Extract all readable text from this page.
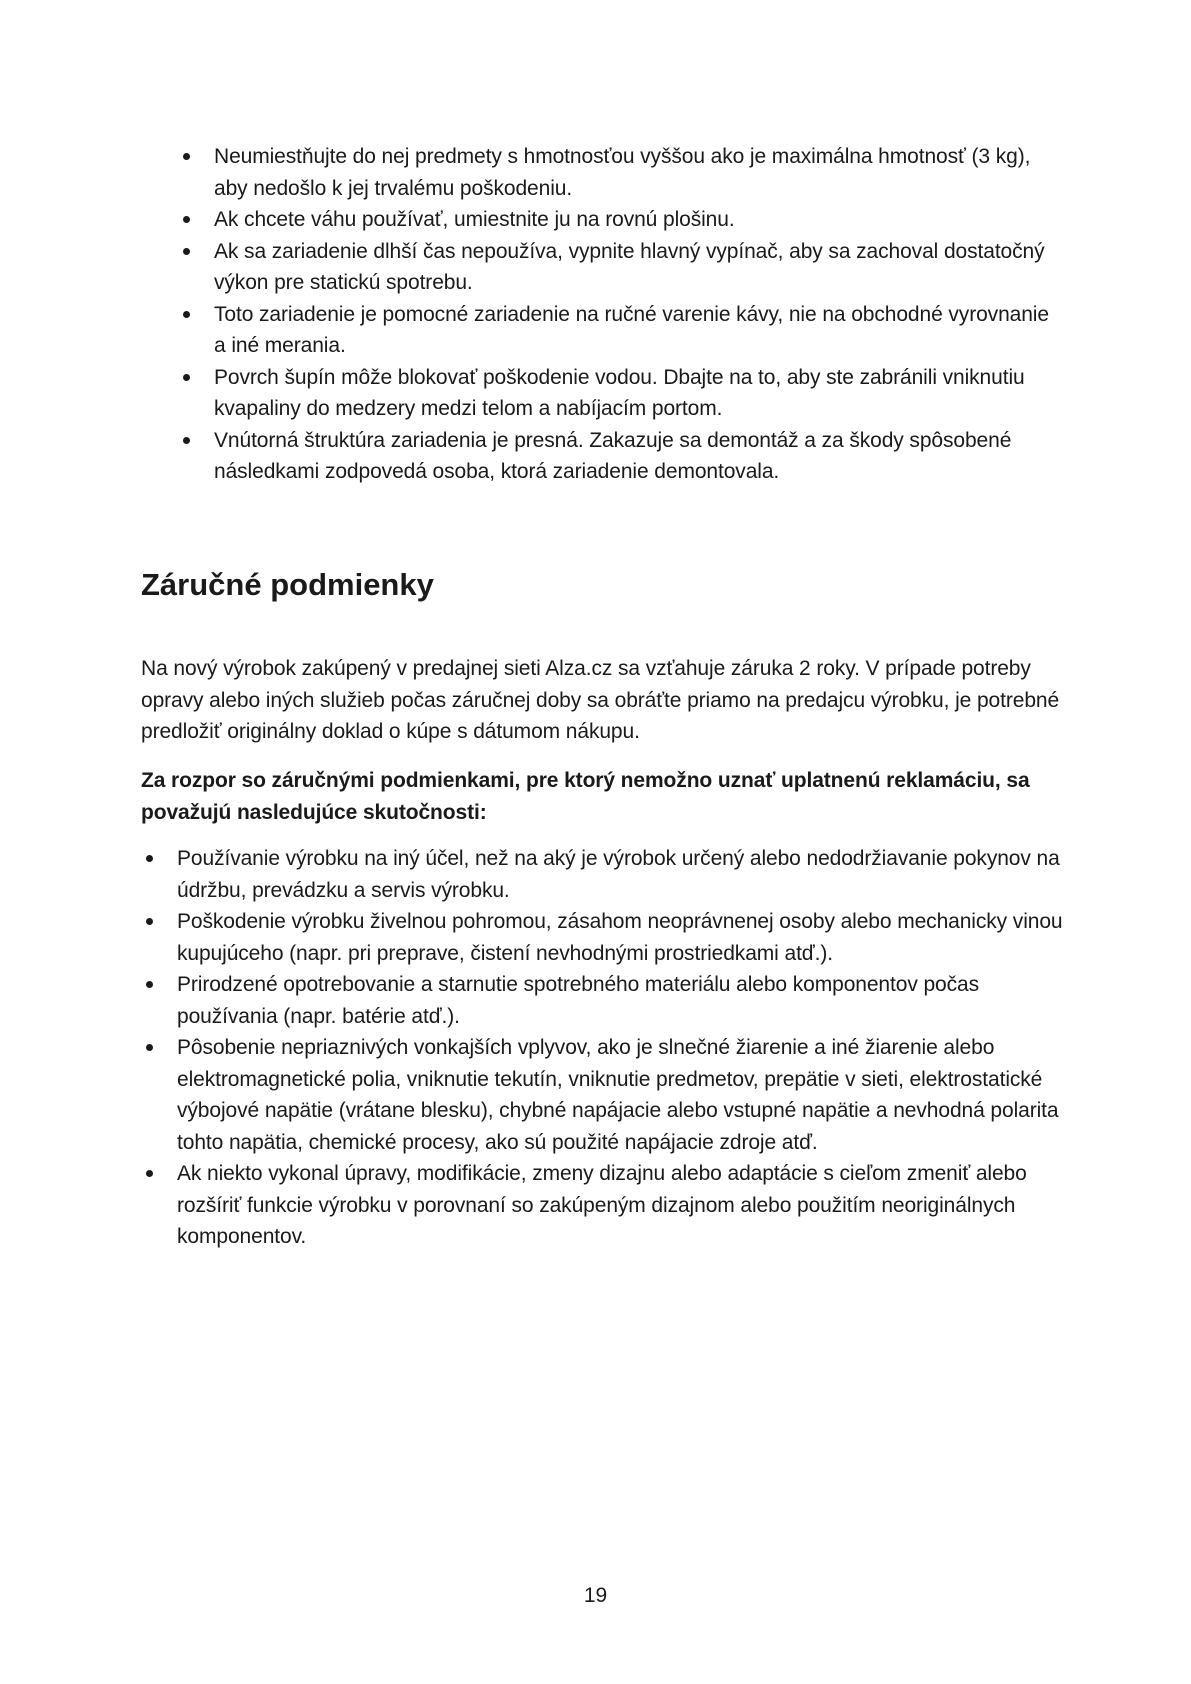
Neumiestňujte do nej predmety s hmotnosťou vyššou ako je maximálna hmotnosť (3 kg), aby nedošlo k jej trvalému poškodeniu.
Ak chcete váhu používať, umiestnite ju na rovnú plošinu.
Ak sa zariadenie dlhší čas nepoužíva, vypnite hlavný vypínač, aby sa zachoval dostatočný výkon pre statickú spotrebu.
Toto zariadenie je pomocné zariadenie na ručné varenie kávy, nie na obchodné vyrovnanie a iné merania.
Povrch šupín môže blokovať poškodenie vodou. Dbajte na to, aby ste zabránili vniknutiu kvapaliny do medzery medzi telom a nabíjacím portom.
Vnútorná štruktúra zariadenia je presná. Zakazuje sa demontáž a za škody spôsobené následkami zodpovedá osoba, ktorá zariadenie demontovala.
Záručné podmienky

Na nový výrobok zakúpený v predajnej sieti Alza.cz sa vzťahuje záruka 2 roky. V prípade potreby opravy alebo iných služieb počas záručnej doby sa obráťte priamo na predajcu výrobku, je potrebné predložiť originálny doklad o kúpe s dátumom nákupu.

Za rozpor so záručnými podmienkami, pre ktorý nemožno uznať uplatnenú reklamáciu, sa považujú nasledujúce skutočnosti:

Používanie výrobku na iný účel, než na aký je výrobok určený alebo nedodržiavanie pokynov na údržbu, prevádzku a servis výrobku.
Poškodenie výrobku živelnou pohromou, zásahom neoprávnenej osoby alebo mechanicky vinou kupujúceho (napr. pri preprave, čistení nevhodnými prostriedkami atď.).
Prirodzené opotrebovanie a starnutie spotrebného materiálu alebo komponentov počas používania (napr. batérie atď.).
Pôsobenie nepriaznivých vonkajších vplyvov, ako je slnečné žiarenie a iné žiarenie alebo elektromagnetické polia, vniknutie tekutín, vniknutie predmetov, prepätie v sieti, elektrostatické výbojové napätie (vrátane blesku), chybné napájacie alebo vstupné napätie a nevhodná polarita tohto napätia, chemické procesy, ako sú použité napájacie zdroje atď.
Ak niekto vykonal úpravy, modifikácie, zmeny dizajnu alebo adaptácie s cieľom zmeniť alebo rozšíriť funkcie výrobku v porovnaní so zakúpeným dizajnom alebo použitím neoriginálnych komponentov.
19
